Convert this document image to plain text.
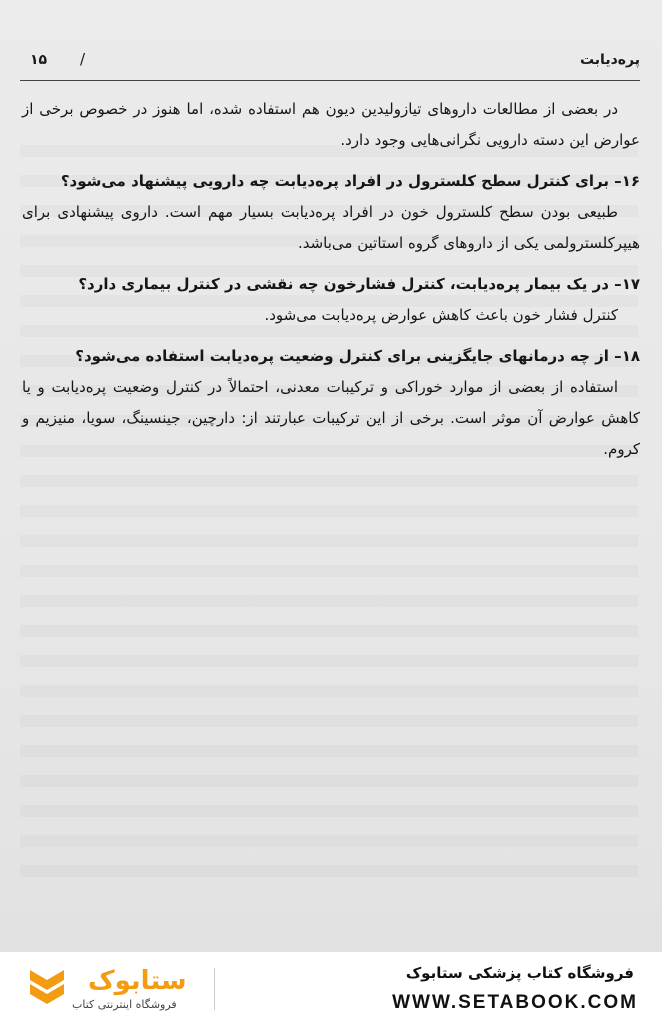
پره‌دیابت
/
۱۵

در بعضی از مطالعات داروهای تیازولیدین دیون هم استفاده شده، اما هنوز در خصوص برخی از عوارض این دسته دارویی نگرانی‌هایی وجود دارد.

۱۶– برای کنترل سطح کلسترول در افراد پره‌دیابت چه دارویی پیشنهاد می‌شود؟

طبیعی بودن سطح کلسترول خون در افراد پره‌دیابت بسیار مهم است. داروی پیشنهادی برای هیپرکلسترولمی یکی از داروهای گروه استاتین می‌باشد.

۱۷– در یک بیمار پره‌دیابت، کنترل فشارخون چه نقشی در کنترل بیماری دارد؟

کنترل فشار خون باعث کاهش عوارض پره‌دیابت می‌شود.

۱۸– از چه درمانهای جایگزینی برای کنترل وضعیت پره‌دیابت استفاده می‌شود؟

استفاده از بعضی از موارد خوراکی و ترکیبات معدنی، احتمالاً در کنترل وضعیت پره‌دیابت و یا کاهش عوارض آن موثر است. برخی از این ترکیبات عبارتند از: دارچین، جینسینگ، سویا، منیزیم و کروم.

ستابوک
فروشگاه اینترنتی کتاب
فروشگاه کتاب پزشکی ستابوک
WWW.SETABOOK.COM
